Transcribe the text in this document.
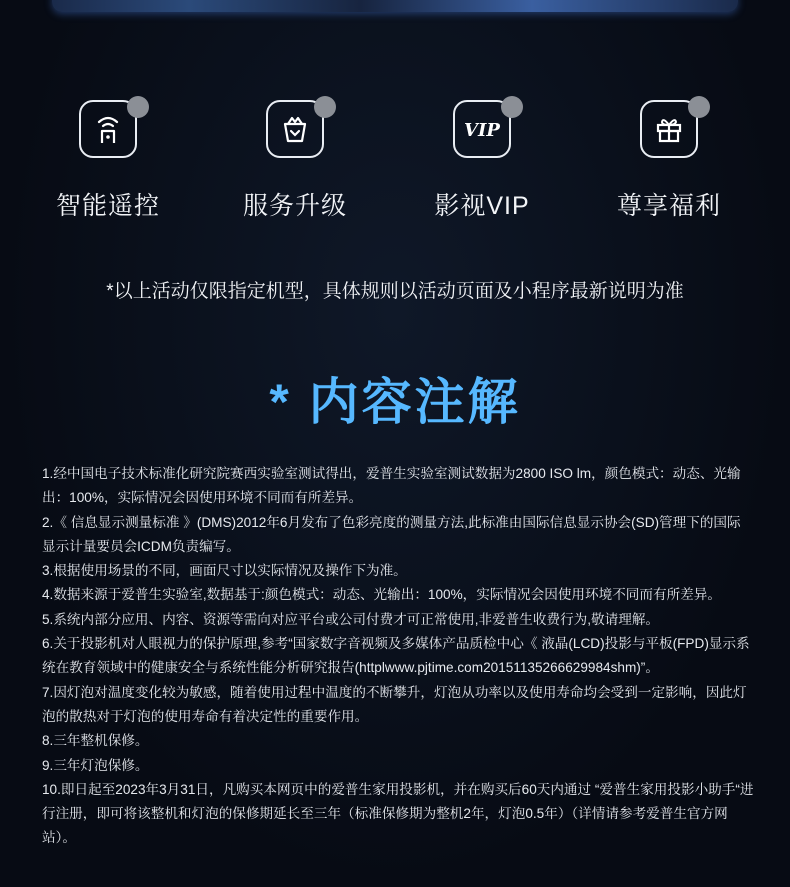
智能遥控	服务升级
VIP
影视VIP	尊享福利
*以上活动仅限指定机型，具体规则以活动页面及小程序最新说明为准
* 内容注解

1.经中国电子技术标准化研究院赛西实验室测试得出，爱普生实验室测试数据为2800 ISO lm，颜色模式：动态、光输出：100%，实际情况会因使用环境不同而有所差异。

2.《 信息显示测量标准 》(DMS)2012年6月发布了色彩亮度的测量方法,此标准由国际信息显示协会(SD)管理下的国际显示计量要员会ICDM负责编写。

3.根据使用场景的不同，画面尺寸以实际情况及操作下为准。

4.数据来源于爱普生实验室,数据基于:颜色模式：动态、光输出：100%，实际情况会因使用环境不同而有所差异。

5.系统内部分应用、内容、资源等需向对应平台或公司付费才可正常使用,非爱普生收费行为,敬请理解。

6.关于投影机对人眼视力的保护原理,参考“国家数字音视频及多媒体产品质检中心《 液晶(LCD)投影与平板(FPD)显示系统在教育领域中的健康安全与系统性能分析研究报告(httplwww.pjtime.com20151135266629984shm)”。

7.因灯泡对温度变化较为敏感，随着使用过程中温度的不断攀升，灯泡从功率以及使用寿命均会受到一定影响，因此灯泡的散热对于灯泡的使用寿命有着决定性的重要作用。

8.三年整机保修。

9.三年灯泡保修。

10.即日起至2023年3月31日，凡购买本网页中的爱普生家用投影机，并在购买后60天内通过 “爱普生家用投影小助手“进行注册，即可将该整机和灯泡的保修期延长至三年（标准保修期为整机2年，灯泡0.5年）（详情请参考爱普生官方网站）。
